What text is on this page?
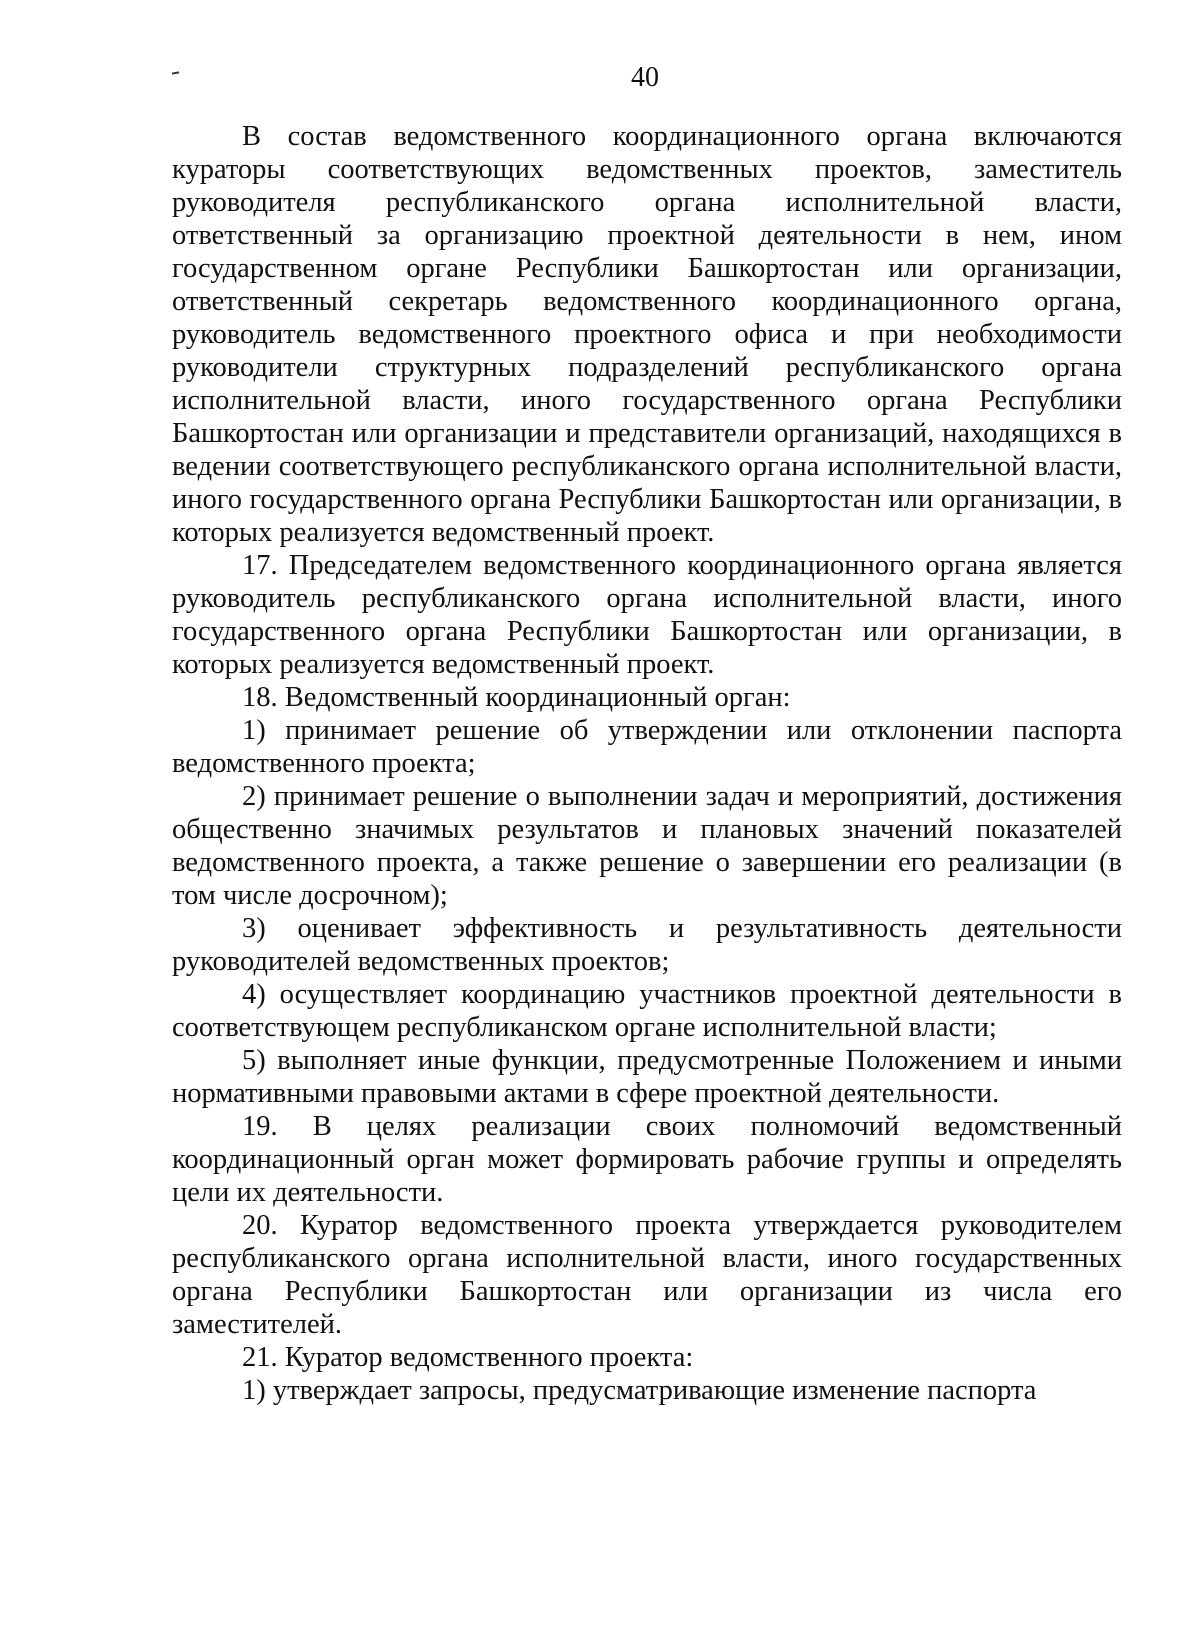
40

В состав ведомственного координационного органа включаются кураторы соответствующих ведомственных проектов, заместитель руководителя республиканского органа исполнительной власти, ответственный за организацию проектной деятельности в нем, ином государственном органе Республики Башкортостан или организации, ответственный секретарь ведомственного координационного органа, руководитель ведомственного проектного офиса и при необходимости руководители структурных подразделений республиканского органа исполнительной власти, иного государственного органа Республики Башкортостан или организации и представители организаций, находящихся в ведении соответствующего республиканского органа исполнительной власти, иного государственного органа Республики Башкортостан или организации, в которых реализуется ведомственный проект.

17. Председателем ведомственного координационного органа является руководитель республиканского органа исполнительной власти, иного государственного органа Республики Башкортостан или организации, в которых реализуется ведомственный проект.

18. Ведомственный координационный орган:

1) принимает решение об утверждении или отклонении паспорта ведомственного проекта;

2) принимает решение о выполнении задач и мероприятий, достижения общественно значимых результатов и плановых значений показателей ведомственного проекта, а также решение о завершении его реализации (в том числе досрочном);

3) оценивает эффективность и результативность деятельности руководителей ведомственных проектов;

4) осуществляет координацию участников проектной деятельности в соответствующем республиканском органе исполнительной власти;

5) выполняет иные функции, предусмотренные Положением и иными нормативными правовыми актами в сфере проектной деятельности.

19. В целях реализации своих полномочий ведомственный координационный орган может формировать рабочие группы и определять цели их деятельности.

20. Куратор ведомственного проекта утверждается руководителем республиканского органа исполнительной власти, иного государственных органа Республики Башкортостан или организации из числа его заместителей.

21. Куратор ведомственного проекта:

1) утверждает запросы, предусматривающие изменение паспорта
